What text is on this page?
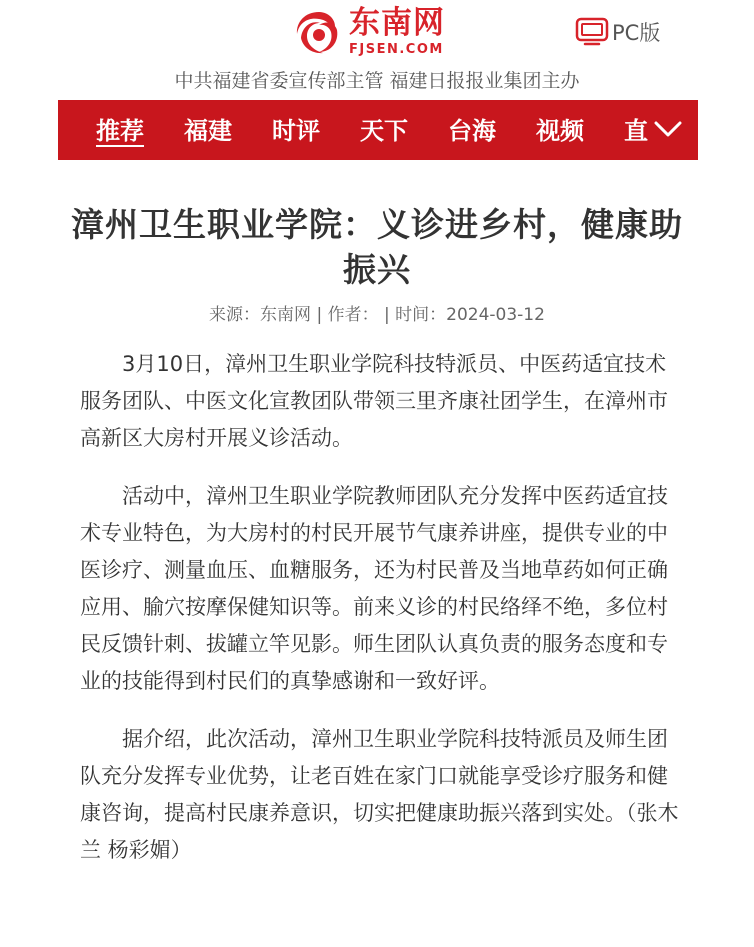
东南网
FJSEN.COM
PC版
中共福建省委宣传部主管 福建日报报业集团主办
推荐 福建 时评 天下 台海 视频 直
漳州卫生职业学院：义诊进乡村，健康助振兴
来源：东南网 | 作者： | 时间：2024-03-12

3月10日，漳州卫生职业学院科技特派员、中医药适宜技术服务团队、中医文化宣教团队带领三里齐康社团学生，在漳州市高新区大房村开展义诊活动。

活动中，漳州卫生职业学院教师团队充分发挥中医药适宜技术专业特色，为大房村的村民开展节气康养讲座，提供专业的中医诊疗、测量血压、血糖服务，还为村民普及当地草药如何正确应用、腧穴按摩保健知识等。前来义诊的村民络绎不绝，多位村民反馈针刺、拔罐立竿见影。师生团队认真负责的服务态度和专业的技能得到村民们的真挚感谢和一致好评。

据介绍，此次活动，漳州卫生职业学院科技特派员及师生团队充分发挥专业优势，让老百姓在家门口就能享受诊疗服务和健康咨询，提高村民康养意识，切实把健康助振兴落到实处。（张木兰 杨彩媚）
